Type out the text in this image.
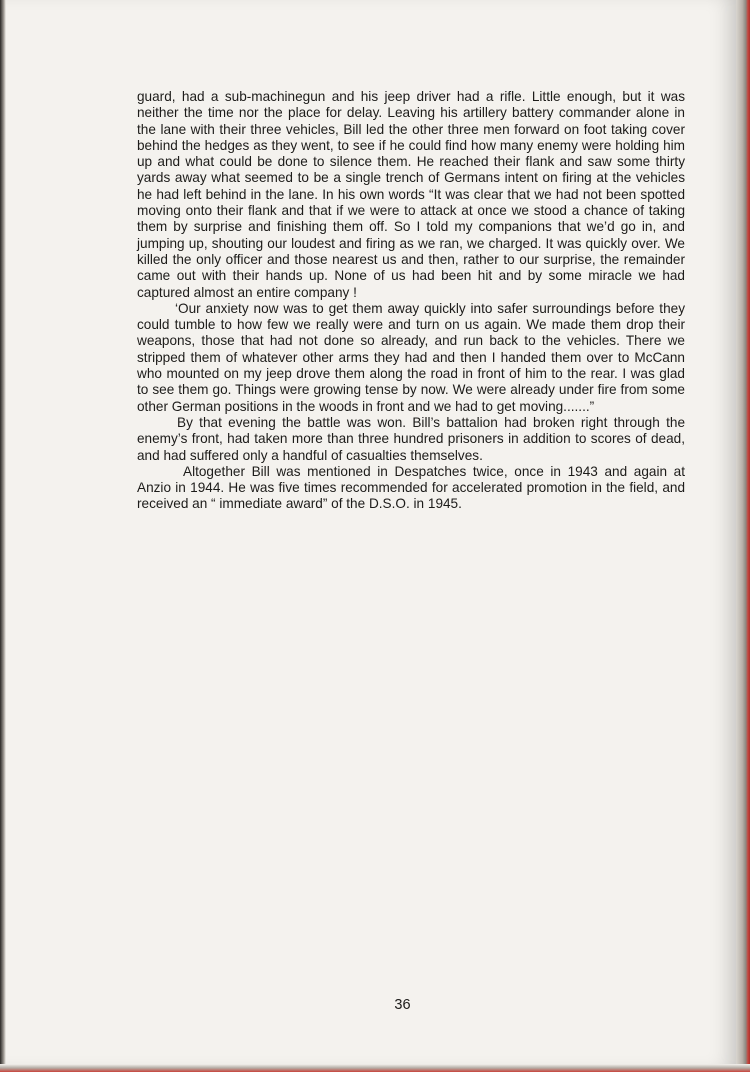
guard, had a sub-machinegun and his jeep driver had a rifle. Little enough, but it was neither the time nor the place for delay. Leaving his artillery battery commander alone in the lane with their three vehicles, Bill led the other three men forward on foot taking cover behind the hedges as they went, to see if he could find how many enemy were holding him up and what could be done to silence them. He reached their flank and saw some thirty yards away what seemed to be a single trench of Germans intent on firing at the vehicles he had left behind in the lane. In his own words “It was clear that we had not been spotted moving onto their flank and that if we were to attack at once we stood a chance of taking them by surprise and finishing them off. So I told my companions that we’d go in, and jumping up, shouting our loudest and firing as we ran, we charged. It was quickly over. We killed the only officer and those nearest us and then, rather to our surprise, the remainder came out with their hands up. None of us had been hit and by some miracle we had captured almost an entire company !

‘Our anxiety now was to get them away quickly into safer surroundings before they could tumble to how few we really were and turn on us again. We made them drop their weapons, those that had not done so already, and run back to the vehicles. There we stripped them of whatever other arms they had and then I handed them over to McCann who mounted on my jeep drove them along the road in front of him to the rear. I was glad to see them go. Things were growing tense by now. We were already under fire from some other German positions in the woods in front and we had to get moving.......”

By that evening the battle was won. Bill’s battalion had broken right through the enemy’s front, had taken more than three hundred prisoners in addition to scores of dead, and had suffered only a handful of casualties themselves.

Altogether Bill was mentioned in Despatches twice, once in 1943 and again at Anzio in 1944. He was five times recommended for accelerated promotion in the field, and received an “ immediate award” of the D.S.O. in 1945.

36
